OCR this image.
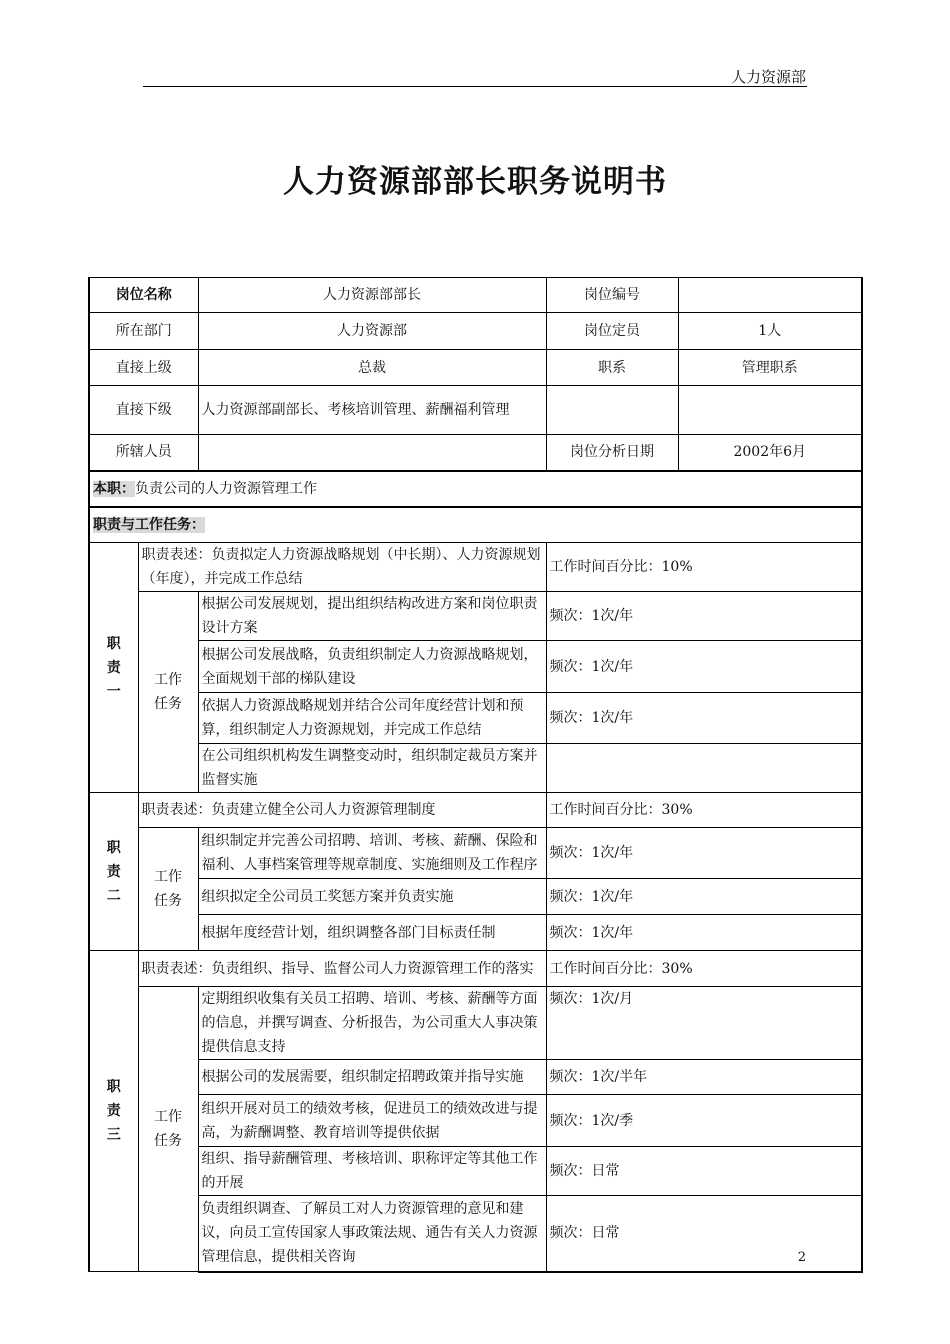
人力资源部
人力资源部部长职务说明书
岗位名称		人力资源部部长	岗位编号	
所在部门		人力资源部	岗位定员	1人
直接上级		总裁	职系	管理职系
直接下级		人力资源部副部长、考核培训管理、薪酬福利管理		
所辖人员			岗位分析日期	2002年6月
本职：负责公司的人力资源管理工作				
职责与工作任务：				

职
责
一	职责表述：负责拟定人力资源战略规划（中长期）、人力资源规划（年度），并完成工作总结		工作时间百分比：10%	

	工作
任务	根据公司发展规划，提出组织结构改进方案和岗位职责设计方案	频次：1次/年	
		根据公司发展战略，负责组织制定人力资源战略规划，全面规划干部的梯队建设	频次：1次/年	
		依据人力资源战略规划并结合公司年度经营计划和预算，组织制定人力资源规划，并完成工作总结	频次：1次/年	
		在公司组织机构发生调整变动时，组织制定裁员方案并监督实施		

职
责
二	职责表述：负责建立健全公司人力资源管理制度		工作时间百分比：30%	

	工作
任务	组织制定并完善公司招聘、培训、考核、薪酬、保险和福利、人事档案管理等规章制度、实施细则及工作程序	频次：1次/年	
		组织拟定全公司员工奖惩方案并负责实施	频次：1次/年	
		根据年度经营计划，组织调整各部门目标责任制	频次：1次/年	

职
责
三	职责表述：负责组织、指导、监督公司人力资源管理工作的落实		工作时间百分比：30%	

	工作
任务	定期组织收集有关员工招聘、培训、考核、薪酬等方面的信息，并撰写调查、分析报告，为公司重大人事决策提供信息支持	频次：1次/月	
		根据公司的发展需要，组织制定招聘政策并指导实施	频次：1次/半年	
		组织开展对员工的绩效考核，促进员工的绩效改进与提高，为薪酬调整、教育培训等提供依据	频次：1次/季	
		组织、指导薪酬管理、考核培训、职称评定等其他工作的开展	频次：日常	
		负责组织调查、了解员工对人力资源管理的意见和建议，向员工宣传国家人事政策法规、通告有关人力资源管理信息，提供相关咨询	频次：日常	
2
